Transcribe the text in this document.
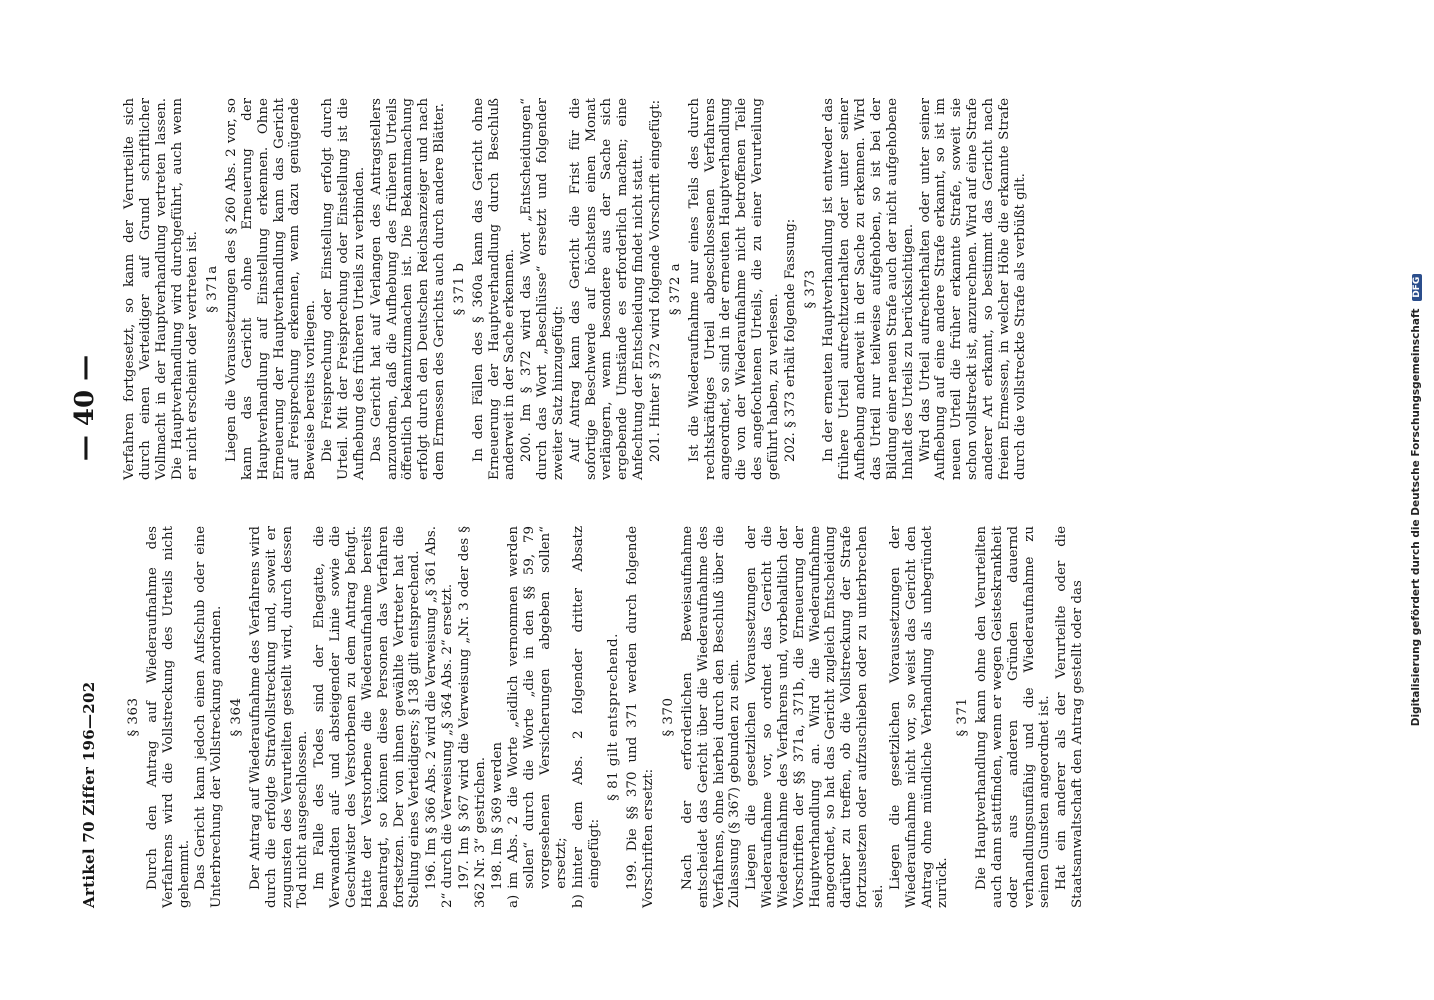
Artikel 70 Ziffer 196—202
— 40 —
§ 363 Durch den Antrag auf Wiederaufnahme des Verfahrens wird die Vollstreckung des Urteils nicht gehemmt. Das Gericht kann jedoch einen Aufschub oder eine Unterbrechung der Vollstreckung anordnen. § 364 Der Antrag auf Wiederaufnahme des Verfahrens wird durch die erfolgte Strafvollstreckung und, soweit er zugunsten des Verurteilten gestellt wird, durch dessen Tod nicht ausgeschlossen. Im Falle des Todes sind der Ehegatte, die Verwandten auf- und absteigender Linie sowie die Geschwister des Verstorbenen zu dem Antrag befugt. Hatte der Verstorbene die Wiederaufnahme bereits beantragt, so können diese Personen das Verfahren fortsetzen. Der von ihnen gewählte Vertreter hat die Stellung eines Verteidigers; § 138 gilt entsprechend. 196. Im § 366 Abs. 2 wird die Verweisung „§ 361 Abs. 2“ durch die Verweisung „§ 364 Abs. 2“ ersetzt. 197. Im § 367 wird die Verweisung „Nr. 3 oder des § 362 Nr. 3“ gestrichen. 198. Im § 369 werden

a)
im Abs. 2 die Worte „eidlich vernommen werden sollen“ durch die Worte „die in den §§ 59, 79 vorgesehenen Versicherungen abgeben sollen“ ersetzt;
b)
hinter dem Abs. 2 folgender dritter Absatz eingefügt:
§ 81 gilt entsprechend. 199. Die §§ 370 und 371 werden durch folgende Vorschriften ersetzt:

§ 370 Nach der erforderlichen Beweisaufnahme entscheidet das Gericht über die Wiederaufnahme des Verfahrens, ohne hierbei durch den Beschluß über die Zulassung (§ 367) gebunden zu sein. Liegen die gesetzlichen Voraussetzungen der Wiederaufnahme vor, so ordnet das Gericht die Wiederaufnahme des Verfahrens und, vorbehaltlich der Vorschriften der §§ 371a, 371b, die Erneuerung der Hauptverhandlung an. Wird die Wiederaufnahme angeordnet, so hat das Gericht zugleich Entscheidung darüber zu treffen, ob die Vollstreckung der Strafe fortzusetzen oder aufzuschieben oder zu unterbrechen sei.

Liegen die gesetzlichen Voraussetzungen der Wiederaufnahme nicht vor, so weist das Gericht den Antrag ohne mündliche Verhandlung als unbegründet zurück.

§ 371 Die Hauptverhandlung kann ohne den Verurteilten auch dann stattfinden, wenn er wegen Geisteskrankheit oder aus anderen Gründen dauernd verhandlungsunfähig und die Wiederaufnahme zu seinen Gunsten angeordnet ist. Hat ein anderer als der Verurteilte oder die Staatsanwaltschaft den Antrag gestellt oder das

Verfahren fortgesetzt, so kann der Verurteilte sich durch einen Verteidiger auf Grund schriftlicher Vollmacht in der Hauptverhandlung vertreten lassen. Die Hauptverhandlung wird durchgeführt, auch wenn er nicht erscheint oder vertreten ist. § 371a Liegen die Voraussetzungen des § 260 Abs. 2 vor, so kann das Gericht ohne Erneuerung der Hauptverhandlung auf Einstellung erkennen. Ohne Erneuerung der Hauptverhandlung kann das Gericht auf Freisprechung erkennen, wenn dazu genügende Beweise bereits vorliegen. Die Freisprechung oder Einstellung erfolgt durch Urteil. Mit der Freisprechung oder Einstellung ist die Aufhebung des früheren Urteils zu verbinden. Das Gericht hat auf Verlangen des Antragstellers anzuordnen, daß die Aufhebung des früheren Urteils öffentlich bekanntzumachen ist. Die Bekanntmachung erfolgt durch den Deutschen Reichsanzeiger und nach dem Ermessen des Gerichts auch durch andere Blätter. § 371 b In den Fällen des § 360a kann das Gericht ohne Erneuerung der Hauptverhandlung durch Beschluß anderweit in der Sache erkennen. 200. Im § 372 wird das Wort „Entscheidungen“ durch das Wort „Beschlüsse“ ersetzt und folgender zweiter Satz hinzugefügt: Auf Antrag kann das Gericht die Frist für die sofortige Beschwerde auf höchstens einen Monat verlängern, wenn besondere aus der Sache sich ergebende Umstände es erforderlich machen; eine Anfechtung der Entscheidung findet nicht statt. 201. Hinter § 372 wird folgende Vorschrift eingefügt: § 372 a Ist die Wiederaufnahme nur eines Teils des durch rechtskräftiges Urteil abgeschlossenen Verfahrens angeordnet, so sind in der erneuten Hauptverhandlung die von der Wiederaufnahme nicht betroffenen Teile des angefochtenen Urteils, die zu einer Verurteilung geführt haben, zu verlesen. 202. § 373 erhält folgende Fassung: § 373 In der erneuten Hauptverhandlung ist entweder das frühere Urteil aufrechtzuerhalten oder unter seiner Aufhebung anderweit in der Sache zu erkennen. Wird das Urteil nur teilweise aufgehoben, so ist bei der Bildung einer neuen Strafe auch der nicht aufgehobene Inhalt des Urteils zu berücksichtigen. Wird das Urteil aufrechterhalten oder unter seiner Aufhebung auf eine andere Strafe erkannt, so ist im neuen Urteil die früher erkannte Strafe, soweit sie schon vollstreckt ist, anzurechnen. Wird auf eine Strafe anderer Art erkannt, so bestimmt das Gericht nach freiem Ermessen, in welcher Höhe die erkannte Strafe durch die vollstreckte Strafe als verbüßt gilt.	Digitalisierung gefördert durch die Deutsche Forschungsgemeinschaft DFG
